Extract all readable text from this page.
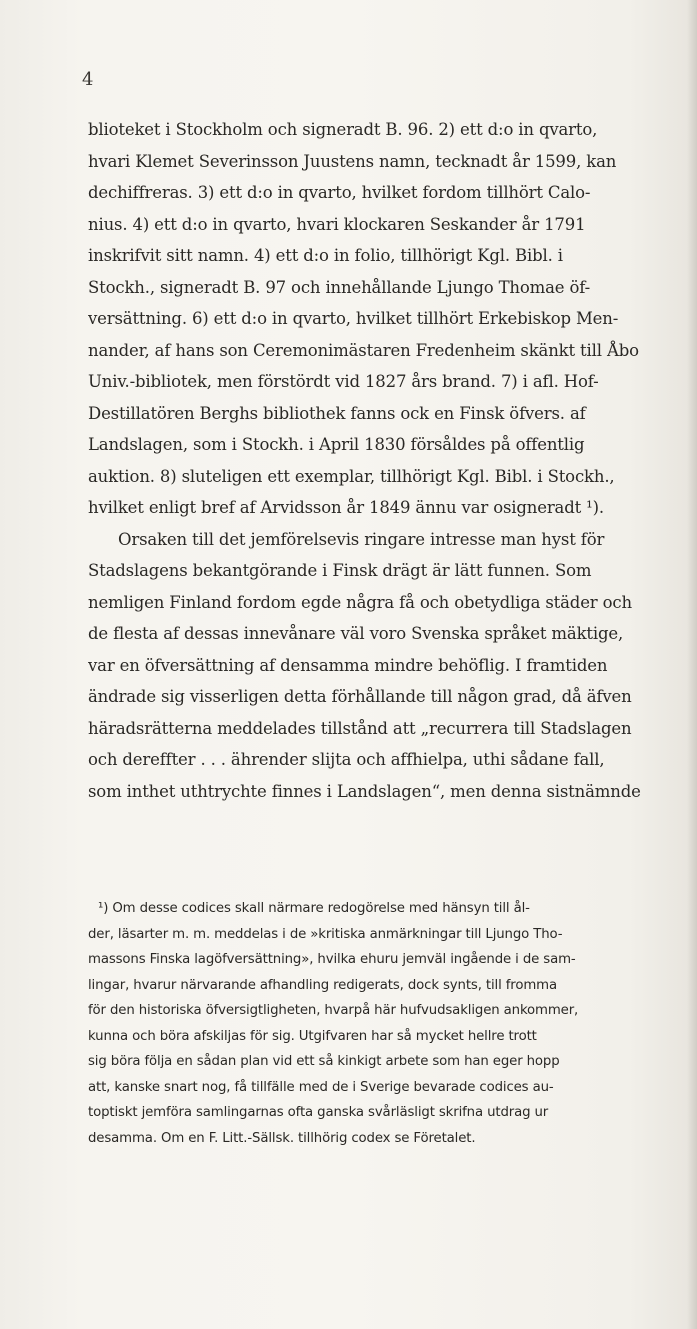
4
blioteket i Stockholm och signeradt B. 96. 2) ett d:o in qvarto,
hvari Klemet Severinsson Juustens namn, tecknadt år 1599, kan
dechiffreras. 3) ett d:o in qvarto, hvilket fordom tillhört Calo-
nius. 4) ett d:o in qvarto, hvari klockaren Seskander år 1791
inskrifvit sitt namn. 4) ett d:o in folio, tillhörigt Kgl. Bibl. i
Stockh., signeradt B. 97 och innehållande Ljungo Thomae öf-
versättning. 6) ett d:o in qvarto, hvilket tillhört Erkebiskop Men-
nander, af hans son Ceremonimästaren Fredenheim skänkt till Åbo
Univ.-bibliotek, men förstördt vid 1827 års brand. 7) i afl. Hof-
Destillatören Berghs bibliothek fanns ock en Finsk öfvers. af
Landslagen, som i Stockh. i April 1830 försåldes på offentlig
auktion. 8) sluteligen ett exemplar, tillhörigt Kgl. Bibl. i Stockh.,
hvilket enligt bref af Arvidsson år 1849 ännu var osigneradt ¹).
Orsaken till det jemförelsevis ringare intresse man hyst för
Stadslagens bekantgörande i Finsk drägt är lätt funnen. Som
nemligen Finland fordom egde några få och obetydliga städer och
de flesta af dessas innevånare väl voro Svenska språket mäktige,
var en öfversättning af densamma mindre behöflig. I framtiden
ändrade sig visserligen detta förhållande till någon grad, då äfven
häradsrätterna meddelades tillstånd att „recurrera till Stadslagen
och dereffter . . . ährender slijta och affhielpa, uthi sådane fall,
som inthet uthtrychte finnes i Landslagen“, men denna sistnämnde
¹) Om desse codices skall närmare redogörelse med hänsyn till ål-
der, läsarter m. m. meddelas i de »kritiska anmärkningar till Ljungo Tho-
massons Finska lagöfversättning», hvilka ehuru jemväl ingående i de sam-
lingar, hvarur närvarande afhandling redigerats, dock synts, till fromma
för den historiska öfversigtligheten, hvarpå här hufvudsakligen ankommer,
kunna och böra afskiljas för sig. Utgifvaren har så mycket hellre trott
sig böra följa en sådan plan vid ett så kinkigt arbete som han eger hopp
att, kanske snart nog, få tillfälle med de i Sverige bevarade codices au-
toptiskt jemföra samlingarnas ofta ganska svårläsligt skrifna utdrag ur
desamma. Om en F. Litt.-Sällsk. tillhörig codex se Företalet.
